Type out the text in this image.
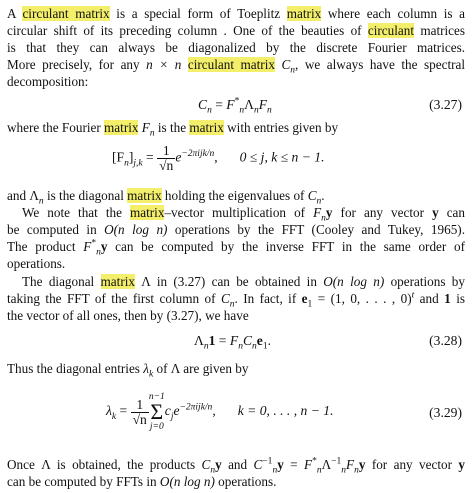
A circulant matrix is a special form of Toeplitz matrix where each column is a
circular shift of its preceding column . One of the beauties of circulant matrices
is that they can always be diagonalized by the discrete Fourier matrices.
More precisely, for any n × n circulant matrix $C_n$, we always have the spectral
decomposition:
$C_n = F^*_n\Lambda_nF_n$	(3.27)
where the Fourier matrix $F_n$ is the matrix with entries given by
$[F_n]_{j,k} = \frac{1}{√n} e^{-2\pi ijk/n}$, 0 ≤ j, k ≤ n − 1.
and $\Lambda_n$ is the diagonal matrix holding the eigenvalues of $C_n$.
We note that the matrix–vector multiplication of $F_ny$ for any vector y can
be computed in O(n log n) operations by the FFT (Cooley and Tukey, 1965).
The product $F^*_ny$ can be computed by the inverse FFT in the same order of
operations.
The diagonal matrix Λ in (3.27) can be obtained in O(n log n) operations by
taking the FFT of the first column of $C_n$. In fact, if $e_1 = (1$, 0, . . . , 0)$^t$ and 1 is
the vector of all ones, then by (3.27), we have
$\Lambda_n1 = F_nC_ne_1$.	(3.28)
Thus the diagonal entries $\lambda_k$ of Λ are given by
$\lambda_k = \frac{1}{√n}$
n−1
Σ
j=0
$c_je^{-2\pi ijk/n}$, k = 0, . . . , n − 1.	(3.29)
Once Λ is obtained, the products $C_ny$ and $C^{-1}_ny = F^*_n\Lambda^{-1}_nF_ny$ for any vector y
can be computed by FFTs in O(n log n) operations.
